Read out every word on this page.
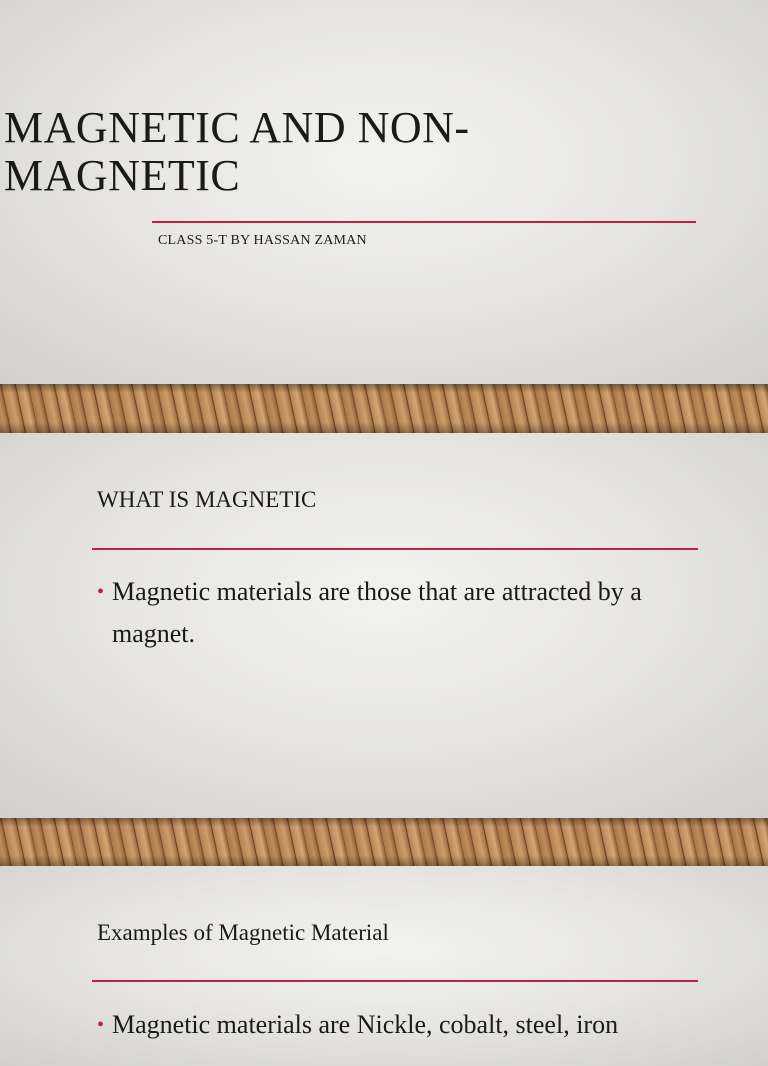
MAGNETIC AND NON-MAGNETIC
CLASS 5-T BY HASSAN ZAMAN
WHAT IS MAGNETIC
• Magnetic materials are those that are attracted by a magnet.
Examples of Magnetic Material
• Magnetic materials are Nickle, cobalt, steel, iron
